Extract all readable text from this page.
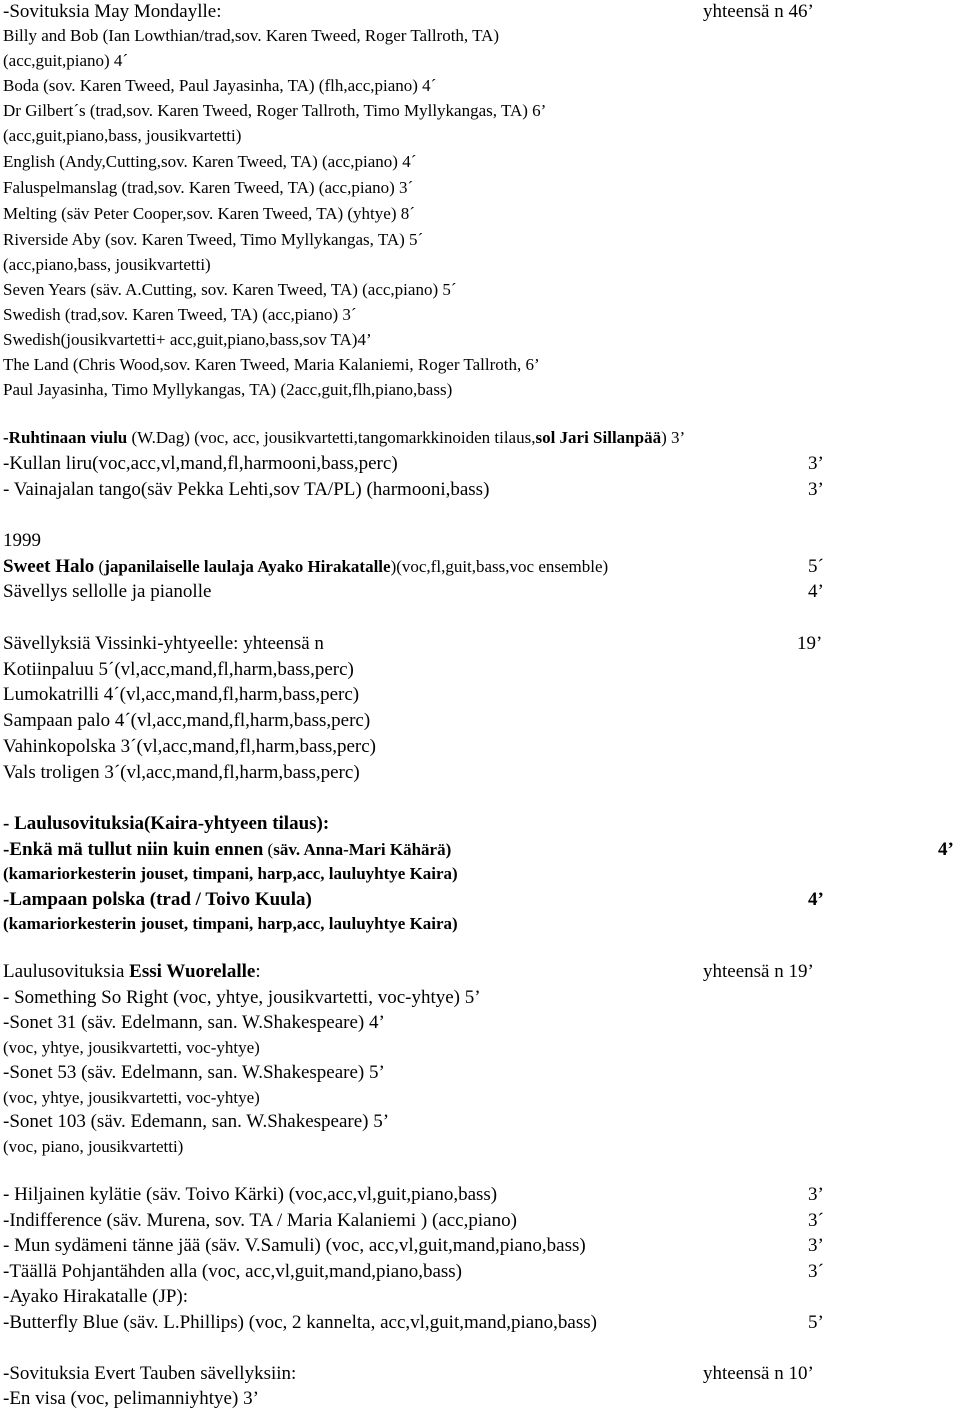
-Sovituksia May Mondaylle:	yhteensä n 46’
Billy and Bob (Ian Lowthian/trad,sov. Karen Tweed, Roger Tallroth, TA)
(acc,guit,piano) 4´
Boda (sov. Karen Tweed, Paul Jayasinha, TA) (flh,acc,piano) 4´
Dr Gilbert´s (trad,sov. Karen Tweed, Roger Tallroth, Timo Myllykangas, TA) 6’
(acc,guit,piano,bass, jousikvartetti)
English (Andy,Cutting,sov. Karen Tweed, TA) (acc,piano) 4´
Faluspelmanslag (trad,sov. Karen Tweed, TA) (acc,piano) 3´
Melting (säv Peter Cooper,sov. Karen Tweed, TA) (yhtye) 8´
Riverside Aby (sov. Karen Tweed, Timo Myllykangas, TA) 5´
(acc,piano,bass, jousikvartetti)
Seven Years (säv. A.Cutting, sov. Karen Tweed, TA) (acc,piano) 5´
Swedish (trad,sov. Karen Tweed, TA) (acc,piano) 3´
Swedish(jousikvartetti+ acc,guit,piano,bass,sov TA)4’
The Land (Chris Wood,sov. Karen Tweed, Maria Kalaniemi, Roger Tallroth, 6’
Paul Jayasinha, Timo Myllykangas, TA) (2acc,guit,flh,piano,bass)
-Ruhtinaan viulu (W.Dag) (voc, acc, jousikvartetti,tangomarkkinoiden tilaus,sol Jari Sillanpää) 3’
-Kullan liru(voc,acc,vl,mand,fl,harmooni,bass,perc)	3’
- Vainajalan tango(säv Pekka Lehti,sov TA/PL) (harmooni,bass)	3’
1999
Sweet Halo (japanilaiselle laulaja Ayako Hirakatalle)(voc,fl,guit,bass,voc ensemble)	5´
Sävellys sellolle ja pianolle	4’
Sävellyksiä Vissinki-yhtyeelle: yhteensä n	19’
Kotiinpaluu 5´(vl,acc,mand,fl,harm,bass,perc)
Lumokatrilli 4´(vl,acc,mand,fl,harm,bass,perc)
Sampaan palo 4´(vl,acc,mand,fl,harm,bass,perc)
Vahinkopolska 3´(vl,acc,mand,fl,harm,bass,perc)
Vals troligen 3´(vl,acc,mand,fl,harm,bass,perc)
- Laulusovituksia(Kaira-yhtyeen tilaus):
-Enkä mä tullut niin kuin ennen (säv. Anna-Mari Kähärä)	4’
(kamariorkesterin jouset, timpani, harp,acc, lauluyhtye Kaira)
-Lampaan polska (trad / Toivo Kuula)	4’
(kamariorkesterin jouset, timpani, harp,acc, lauluyhtye Kaira)
Laulusovituksia Essi Wuorelalle:	yhteensä n 19’
- Something So Right (voc, yhtye, jousikvartetti, voc-yhtye) 5’
-Sonet 31 (säv. Edelmann, san. W.Shakespeare) 4’
(voc, yhtye, jousikvartetti, voc-yhtye)
-Sonet 53 (säv. Edelmann, san. W.Shakespeare) 5’
(voc, yhtye, jousikvartetti, voc-yhtye)
-Sonet 103 (säv. Edemann, san. W.Shakespeare) 5’
(voc, piano, jousikvartetti)
- Hiljainen kylätie (säv. Toivo Kärki) (voc,acc,vl,guit,piano,bass)	3’
-Indifference (säv. Murena, sov. TA / Maria Kalaniemi ) (acc,piano)	3´
- Mun sydämeni tänne jää (säv. V.Samuli) (voc, acc,vl,guit,mand,piano,bass)	3’
-Täällä Pohjantähden alla (voc, acc,vl,guit,mand,piano,bass)	3´
-Ayako Hirakatalle (JP):
-Butterfly Blue (säv. L.Phillips) (voc, 2 kannelta, acc,vl,guit,mand,piano,bass)	5’
-Sovituksia Evert Tauben sävellyksiin:	yhteensä n 10’
-En visa (voc, pelimanniyhtye) 3’
